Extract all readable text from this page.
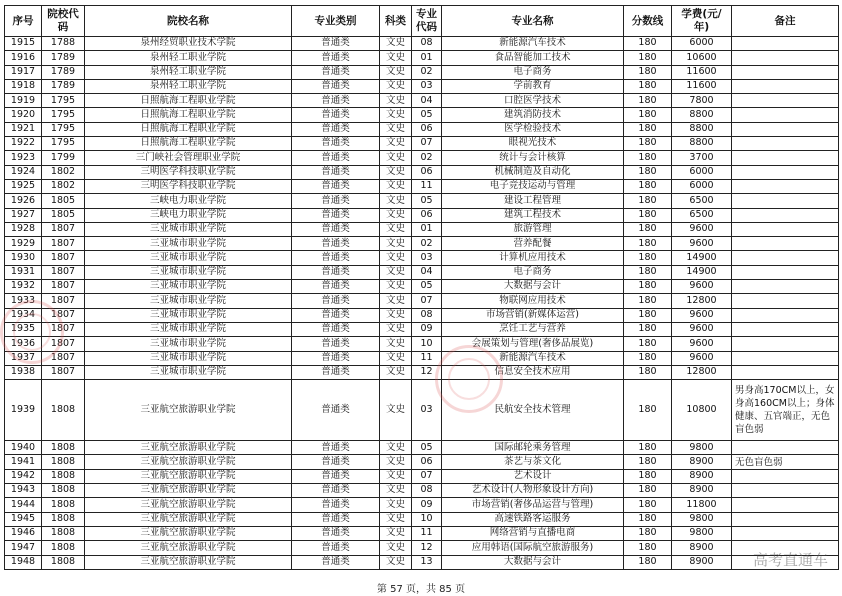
序号	院校代码	院校名称	专业类别	科类	专业代码	专业名称	分数线	学费(元/年)	备注
1915	1788	泉州经贸职业技术学院	普通类	文史	08	新能源汽车技术	180	6000	
1916	1789	泉州轻工职业学院	普通类	文史	01	食品智能加工技术	180	10600	
1917	1789	泉州轻工职业学院	普通类	文史	02	电子商务	180	11600	
1918	1789	泉州轻工职业学院	普通类	文史	03	学前教育	180	11600	
1919	1795	日照航海工程职业学院	普通类	文史	04	口腔医学技术	180	7800	
1920	1795	日照航海工程职业学院	普通类	文史	05	建筑消防技术	180	8800	
1921	1795	日照航海工程职业学院	普通类	文史	06	医学检验技术	180	8800	
1922	1795	日照航海工程职业学院	普通类	文史	07	眼视光技术	180	8800	
1923	1799	三门峡社会管理职业学院	普通类	文史	02	统计与会计核算	180	3700	
1924	1802	三明医学科技职业学院	普通类	文史	06	机械制造及自动化	180	6000	
1925	1802	三明医学科技职业学院	普通类	文史	11	电子竞技运动与管理	180	6000	
1926	1805	三峡电力职业学院	普通类	文史	05	建设工程管理	180	6500	
1927	1805	三峡电力职业学院	普通类	文史	06	建筑工程技术	180	6500	
1928	1807	三亚城市职业学院	普通类	文史	01	旅游管理	180	9600	
1929	1807	三亚城市职业学院	普通类	文史	02	营养配餐	180	9600	
1930	1807	三亚城市职业学院	普通类	文史	03	计算机应用技术	180	14900	
1931	1807	三亚城市职业学院	普通类	文史	04	电子商务	180	14900	
1932	1807	三亚城市职业学院	普通类	文史	05	大数据与会计	180	9600	
1933	1807	三亚城市职业学院	普通类	文史	07	物联网应用技术	180	12800	
1934	1807	三亚城市职业学院	普通类	文史	08	市场营销(新媒体运营)	180	9600	
1935	1807	三亚城市职业学院	普通类	文史	09	烹饪工艺与营养	180	9600	
1936	1807	三亚城市职业学院	普通类	文史	10	会展策划与管理(奢侈品展览)	180	9600	
1937	1807	三亚城市职业学院	普通类	文史	11	新能源汽车技术	180	9600	
1938	1807	三亚城市职业学院	普通类	文史	12	信息安全技术应用	180	12800	
1939	1808	三亚航空旅游职业学院	普通类	文史	03	民航安全技术管理	180	10800	男身高170CM以上，女身高160CM以上；身体健康、五官端正，无色盲色弱
1940	1808	三亚航空旅游职业学院	普通类	文史	05	国际邮轮乘务管理	180	9800	
1941	1808	三亚航空旅游职业学院	普通类	文史	06	茶艺与茶文化	180	8900	无色盲色弱
1942	1808	三亚航空旅游职业学院	普通类	文史	07	艺术设计	180	8900	
1943	1808	三亚航空旅游职业学院	普通类	文史	08	艺术设计(人物形象设计方向)	180	8900	
1944	1808	三亚航空旅游职业学院	普通类	文史	09	市场营销(奢侈品运营与管理)	180	11800	
1945	1808	三亚航空旅游职业学院	普通类	文史	10	高速铁路客运服务	180	9800	
1946	1808	三亚航空旅游职业学院	普通类	文史	11	网络营销与直播电商	180	9800	
1947	1808	三亚航空旅游职业学院	普通类	文史	12	应用韩语(国际航空旅游服务)	180	8900	
1948	1808	三亚航空旅游职业学院	普通类	文史	13	大数据与会计	180	8900		高考直通车
第 57 页，共 85 页
